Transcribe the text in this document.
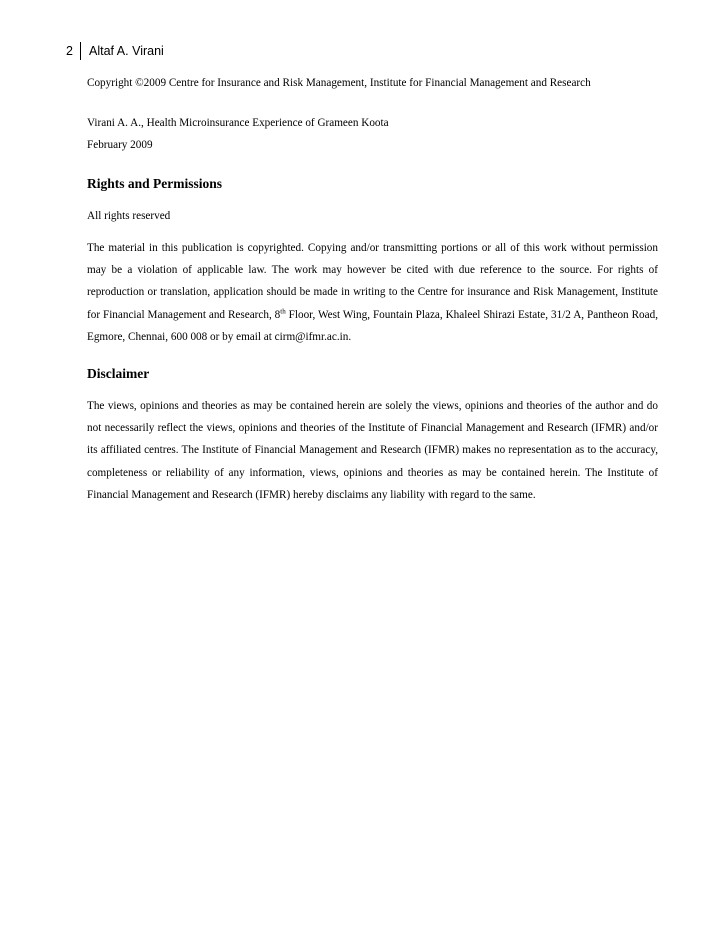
2 Altaf A. Virani

Copyright ©2009 Centre for Insurance and Risk Management, Institute for Financial Management and Research

Virani A. A., Health Microinsurance Experience of Grameen Koota
February 2009
Rights and Permissions

All rights reserved

The material in this publication is copyrighted. Copying and/or transmitting portions or all of this work without permission may be a violation of applicable law. The work may however be cited with due reference to the source. For rights of reproduction or translation, application should be made in writing to the Centre for insurance and Risk Management, Institute for Financial Management and Research, 8th Floor, West Wing, Fountain Plaza, Khaleel Shirazi Estate, 31/2 A, Pantheon Road, Egmore, Chennai, 600 008 or by email at cirm@ifmr.ac.in.

Disclaimer

The views, opinions and theories as may be contained herein are solely the views, opinions and theories of the author and do not necessarily reflect the views, opinions and theories of the Institute of Financial Management and Research (IFMR) and/or its affiliated centres. The Institute of Financial Management and Research (IFMR) makes no representation as to the accuracy, completeness or reliability of any information, views, opinions and theories as may be contained herein. The Institute of Financial Management and Research (IFMR) hereby disclaims any liability with regard to the same.
